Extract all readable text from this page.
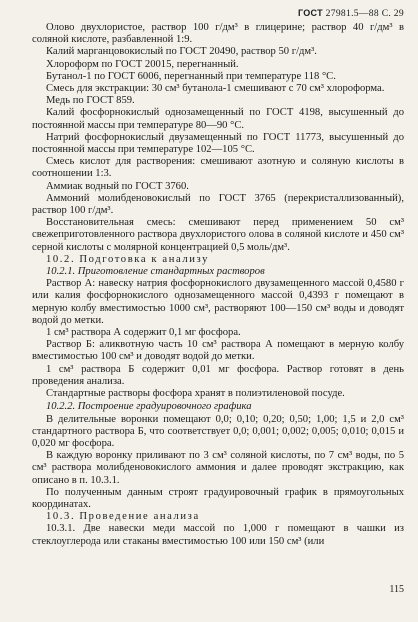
ГОСТ 27981.5—88 С. 29

Олово двухлористое, раствор 100 г/дм³ в глицерине; раствор 40 г/дм³ в соляной кислоте, разбавленной 1:9.

Калий марганцовокислый по ГОСТ 20490, раствор 50 г/дм³.

Хлороформ по ГОСТ 20015, перегнанный.

Бутанол-1 по ГОСТ 6006, перегнанный при температуре 118 °С.

Смесь для экстракции: 30 см³ бутанола-1 смешивают с 70 см³ хлороформа.

Медь по ГОСТ 859.

Калий фосфорнокислый однозамещенный по ГОСТ 4198, высушенный до постоянной массы при температуре 80—90 °С.

Натрий фосфорнокислый двузамещенный по ГОСТ 11773, высушенный до постоянной массы при температуре 102—105 °С.

Смесь кислот для растворения: смешивают азотную и соляную кислоты в соотношении 1:3.

Аммиак водный по ГОСТ 3760.

Аммоний молибденовокислый по ГОСТ 3765 (перекристаллизованный), раствор 100 г/дм³.

Восстановительная смесь: смешивают перед применением 50 см³ свежеприготовленного раствора двухлористого олова в соляной кислоте и 450 см³ серной кислоты с молярной концентрацией 0,5 моль/дм³.

10.2. Подготовка к анализу

10.2.1. Приготовление стандартных растворов

Раствор А: навеску натрия фосфорнокислого двузамещенного массой 0,4580 г или калия фосфорнокислого однозамещенного массой 0,4393 г помещают в мерную колбу вместимостью 1000 см³, растворяют 100—150 см³ воды и доводят водой до метки.

1 см³ раствора А содержит 0,1 мг фосфора.

Раствор Б: аликвотную часть 10 см³ раствора А помещают в мерную колбу вместимостью 100 см³ и доводят водой до метки.

1 см³ раствора Б содержит 0,01 мг фосфора. Раствор готовят в день проведения анализа.

Стандартные растворы фосфора хранят в полиэтиленовой посуде.

10.2.2. Построение градуировочного графика

В делительные воронки помещают 0,0; 0,10; 0,20; 0,50; 1,00; 1,5 и 2,0 см³ стандартного раствора Б, что соответствует 0,0; 0,001; 0,002; 0,005; 0,010; 0,015 и 0,020 мг фосфора.

В каждую воронку приливают по 3 см³ соляной кислоты, по 7 см³ воды, по 5 см³ раствора молибденовокислого аммония и далее проводят экстракцию, как описано в п. 10.3.1.

По полученным данным строят градуировочный график в прямоугольных координатах.

10.3. Проведение анализа

10.3.1. Две навески меди массой по 1,000 г помещают в чашки из стеклоуглерода или стаканы вместимостью 100 или 150 см³ (или

115
